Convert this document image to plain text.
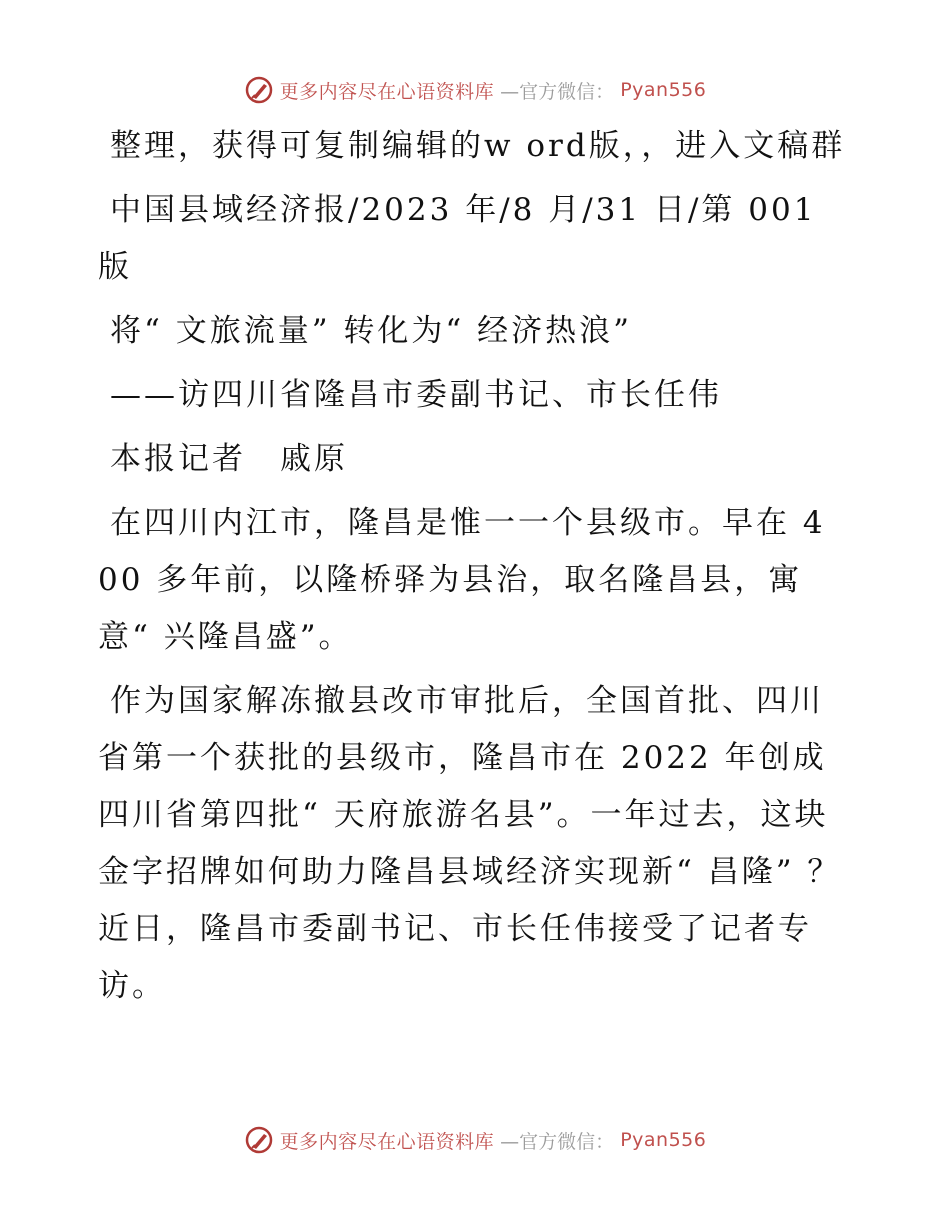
更多内容尽在心语资料库 —官方微信： Pyan556

整理，获得可复制编辑的w ord版，，进入文稿群

中国县域经济报/2023 年/8 月/31 日/第 001 版

将“ 文旅流量” 转化为“ 经济热浪”

——访四川省隆昌市委副书记、市长任伟

本报记者　戚原

在四川内江市，隆昌是惟一一个县级市。早在 400 多年前，以隆桥驿为县治，取名隆昌县，寓意“ 兴隆昌盛”。

作为国家解冻撤县改市审批后，全国首批、四川省第一个获批的县级市，隆昌市在 2022 年创成四川省第四批“ 天府旅游名县”。一年过去，这块金字招牌如何助力隆昌县域经济实现新“ 昌隆” ？近日，隆昌市委副书记、市长任伟接受了记者专访。

更多内容尽在心语资料库 —官方微信： Pyan556
